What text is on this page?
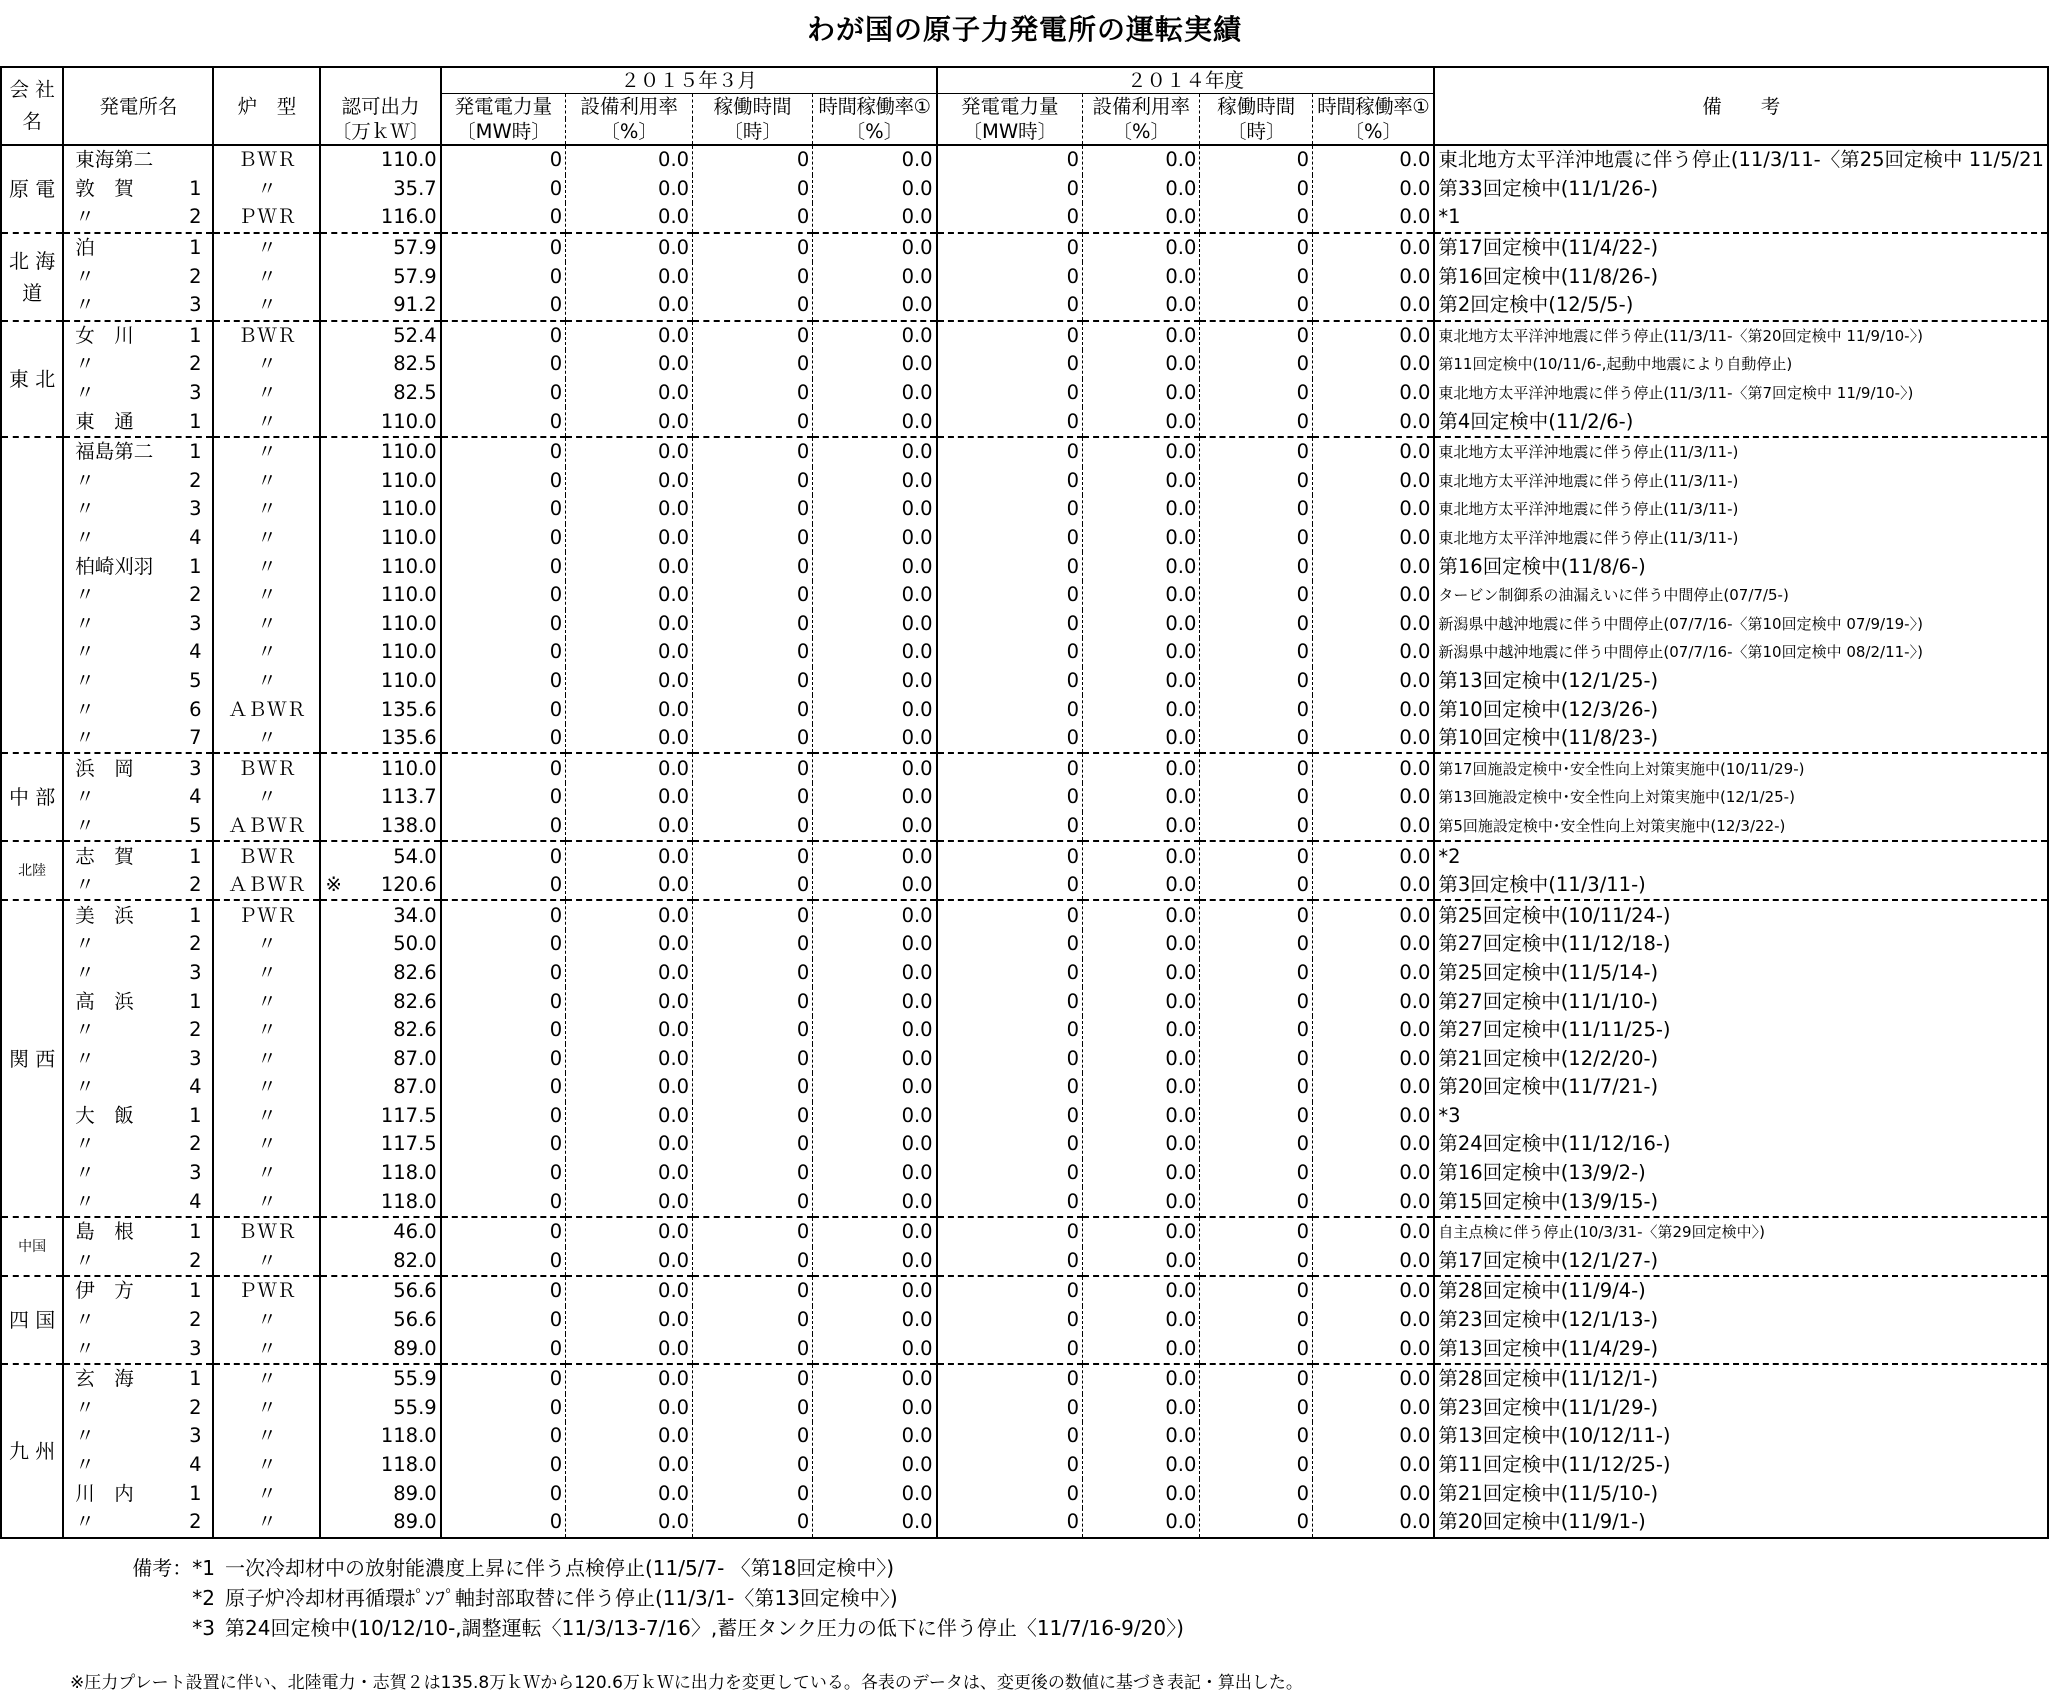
わが国の原子力発電所の運転実績
会 社 名	発電所名	炉　型	認可出力	２０１５年３月				２０１４年度				備　　考
				発電電力量	設備利用率	稼働時間	時間稼働率①	発電電力量	設備利用率	稼働時間	時間稼働率①	
			〔万ｋＷ〕	〔MW時〕	〔%〕	〔時〕	〔%〕	〔MW時〕	〔%〕	〔時〕	〔%〕	
原 電	東海第二	ＢＷＲ	110.0	0	0.0	0	0.0	0	0.0	0	0.0	東北地方太平洋沖地震に伴う停止(11/3/11-〈第25回定検中 11/5/21

	敦　賀 1	〃	35.7	0	0.0	0	0.0	0	0.0	0	0.0	第33回定検中(11/1/26-)

	〃 2	ＰＷＲ	116.0	0	0.0	0	0.0	0	0.0	0	0.0	*1
北 海 道	泊 1	〃	57.9	0	0.0	0	0.0	0	0.0	0	0.0	第17回定検中(11/4/22-)

	〃 2	〃	57.9	0	0.0	0	0.0	0	0.0	0	0.0	第16回定検中(11/8/26-)

	〃 3	〃	91.2	0	0.0	0	0.0	0	0.0	0	0.0	第2回定検中(12/5/5-)
東 北	女　川 1	ＢＷＲ	52.4	0	0.0	0	0.0	0	0.0	0	0.0	東北地方太平洋沖地震に伴う停止(11/3/11-〈第20回定検中 11/9/10-〉)

	〃 2	〃	82.5	0	0.0	0	0.0	0	0.0	0	0.0	第11回定検中(10/11/6-,起動中地震により自動停止)

	〃 3	〃	82.5	0	0.0	0	0.0	0	0.0	0	0.0	東北地方太平洋沖地震に伴う停止(11/3/11-〈第7回定検中 11/9/10-〉)

	東　通 1	〃	110.0	0	0.0	0	0.0	0	0.0	0	0.0	第4回定検中(11/2/6-)

	福島第二 1	〃	110.0	0	0.0	0	0.0	0	0.0	0	0.0	東北地方太平洋沖地震に伴う停止(11/3/11-)

	〃 2	〃	110.0	0	0.0	0	0.0	0	0.0	0	0.0	東北地方太平洋沖地震に伴う停止(11/3/11-)

	〃 3	〃	110.0	0	0.0	0	0.0	0	0.0	0	0.0	東北地方太平洋沖地震に伴う停止(11/3/11-)

	〃 4	〃	110.0	0	0.0	0	0.0	0	0.0	0	0.0	東北地方太平洋沖地震に伴う停止(11/3/11-)

	柏崎刈羽 1	〃	110.0	0	0.0	0	0.0	0	0.0	0	0.0	第16回定検中(11/8/6-)

	〃 2	〃	110.0	0	0.0	0	0.0	0	0.0	0	0.0	タービン制御系の油漏えいに伴う中間停止(07/7/5-)

	〃 3	〃	110.0	0	0.0	0	0.0	0	0.0	0	0.0	新潟県中越沖地震に伴う中間停止(07/7/16-〈第10回定検中 07/9/19-〉)

	〃 4	〃	110.0	0	0.0	0	0.0	0	0.0	0	0.0	新潟県中越沖地震に伴う中間停止(07/7/16-〈第10回定検中 08/2/11-〉)

	〃 5	〃	110.0	0	0.0	0	0.0	0	0.0	0	0.0	第13回定検中(12/1/25-)

	〃 6	ＡＢＷＲ	135.6	0	0.0	0	0.0	0	0.0	0	0.0	第10回定検中(12/3/26-)

	〃 7	〃	135.6	0	0.0	0	0.0	0	0.0	0	0.0	第10回定検中(11/8/23-)
中 部	浜　岡 3	ＢＷＲ	110.0	0	0.0	0	0.0	0	0.0	0	0.0	第17回施設定検中･安全性向上対策実施中(10/11/29-)

	〃 4	〃	113.7	0	0.0	0	0.0	0	0.0	0	0.0	第13回施設定検中･安全性向上対策実施中(12/1/25-)

	〃 5	ＡＢＷＲ	138.0	0	0.0	0	0.0	0	0.0	0	0.0	第5回施設定検中･安全性向上対策実施中(12/3/22-)
北陸	志　賀 1	ＢＷＲ	54.0	0	0.0	0	0.0	0	0.0	0	0.0	*2

	〃 2	ＡＢＷＲ	※ 120.6	0	0.0	0	0.0	0	0.0	0	0.0	第3回定検中(11/3/11-)
関 西	美　浜 1	ＰＷＲ	34.0	0	0.0	0	0.0	0	0.0	0	0.0	第25回定検中(10/11/24-)

	〃 2	〃	50.0	0	0.0	0	0.0	0	0.0	0	0.0	第27回定検中(11/12/18-)

	〃 3	〃	82.6	0	0.0	0	0.0	0	0.0	0	0.0	第25回定検中(11/5/14-)

	高　浜 1	〃	82.6	0	0.0	0	0.0	0	0.0	0	0.0	第27回定検中(11/1/10-)

	〃 2	〃	82.6	0	0.0	0	0.0	0	0.0	0	0.0	第27回定検中(11/11/25-)

	〃 3	〃	87.0	0	0.0	0	0.0	0	0.0	0	0.0	第21回定検中(12/2/20-)

	〃 4	〃	87.0	0	0.0	0	0.0	0	0.0	0	0.0	第20回定検中(11/7/21-)

	大　飯 1	〃	117.5	0	0.0	0	0.0	0	0.0	0	0.0	*3

	〃 2	〃	117.5	0	0.0	0	0.0	0	0.0	0	0.0	第24回定検中(11/12/16-)

	〃 3	〃	118.0	0	0.0	0	0.0	0	0.0	0	0.0	第16回定検中(13/9/2-)

	〃 4	〃	118.0	0	0.0	0	0.0	0	0.0	0	0.0	第15回定検中(13/9/15-)
中国	島　根 1	ＢＷＲ	46.0	0	0.0	0	0.0	0	0.0	0	0.0	自主点検に伴う停止(10/3/31-〈第29回定検中〉)

	〃 2	〃	82.0	0	0.0	0	0.0	0	0.0	0	0.0	第17回定検中(12/1/27-)
四 国	伊　方 1	ＰＷＲ	56.6	0	0.0	0	0.0	0	0.0	0	0.0	第28回定検中(11/9/4-)

	〃 2	〃	56.6	0	0.0	0	0.0	0	0.0	0	0.0	第23回定検中(12/1/13-)

	〃 3	〃	89.0	0	0.0	0	0.0	0	0.0	0	0.0	第13回定検中(11/4/29-)
九 州	玄　海 1	〃	55.9	0	0.0	0	0.0	0	0.0	0	0.0	第28回定検中(11/12/1-)

	〃 2	〃	55.9	0	0.0	0	0.0	0	0.0	0	0.0	第23回定検中(11/1/29-)

	〃 3	〃	118.0	0	0.0	0	0.0	0	0.0	0	0.0	第13回定検中(10/12/11-)

	〃 4	〃	118.0	0	0.0	0	0.0	0	0.0	0	0.0	第11回定検中(11/12/25-)

	川　内 1	〃	89.0	0	0.0	0	0.0	0	0.0	0	0.0	第21回定検中(11/5/10-)

	〃 2	〃	89.0	0	0.0	0	0.0	0	0.0	0	0.0	第20回定検中(11/9/1-)
備考：*1 一次冷却材中の放射能濃度上昇に伴う点検停止(11/5/7- 〈第18回定検中〉)
*2 原子炉冷却材再循環ﾎﾟﾝﾌﾟ軸封部取替に伴う停止(11/3/1-〈第13回定検中〉)
*3 第24回定検中(10/12/10-,調整運転〈11/3/13-7/16〉,蓄圧タンク圧力の低下に伴う停止〈11/7/16-9/20〉)
※圧力プレート設置に伴い、北陸電力・志賀２は135.8万ｋＷから120.6万ｋＷに出力を変更している。各表のデータは、変更後の数値に基づき表記・算出した。
